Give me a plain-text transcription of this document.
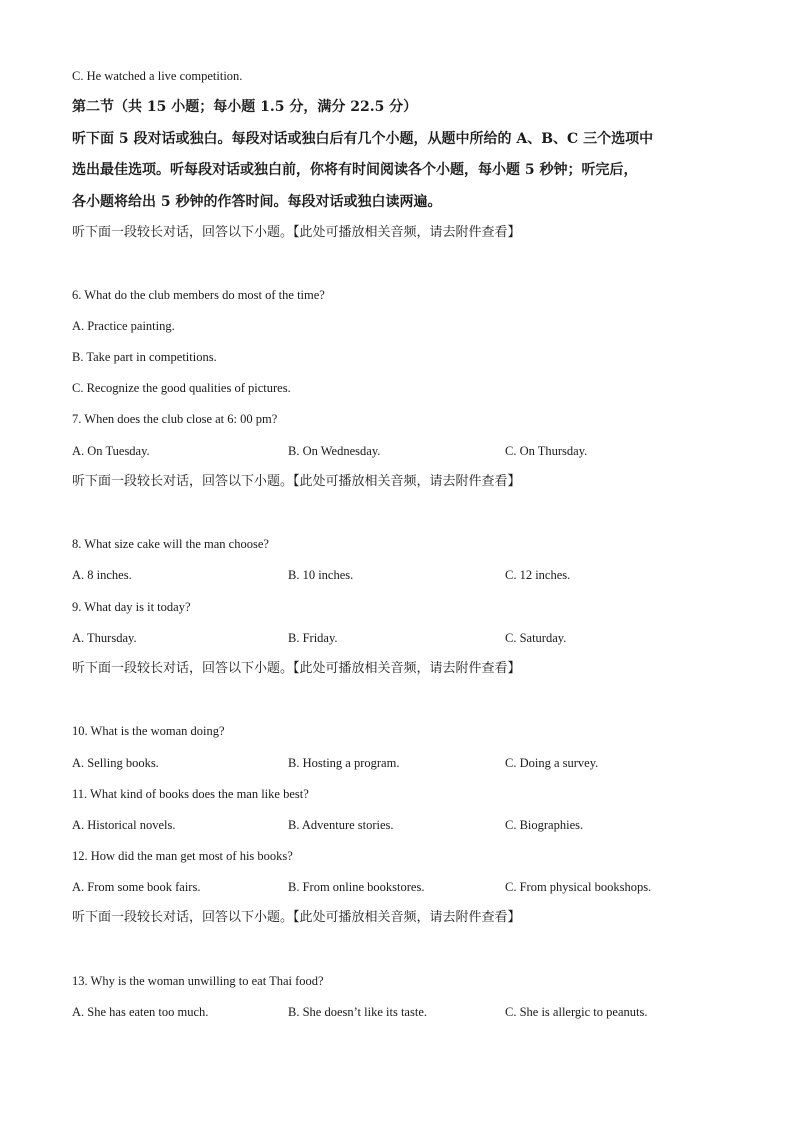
C. He watched a live competition.
第二节（共 15 小题；每小题 1.5 分，满分 22.5 分）
听下面 5 段对话或独白。每段对话或独白后有几个小题，从题中所给的 A、B、C 三个选项中
选出最佳选项。听每段对话或独白前，你将有时间阅读各个小题，每小题 5 秒钟；听完后，
各小题将给出 5 秒钟的作答时间。每段对话或独白读两遍。
听下面一段较长对话，回答以下小题。【此处可播放相关音频，请去附件查看】
6. What do the club members do most of the time?
A. Practice painting.
B. Take part in competitions.
C. Recognize the good qualities of pictures.
7. When does the club close at 6: 00 pm?
A. On Tuesday.	B. On Wednesday.	C. On Thursday.
听下面一段较长对话，回答以下小题。【此处可播放相关音频，请去附件查看】
8. What size cake will the man choose?
A. 8 inches.	B. 10 inches.	C. 12 inches.
9. What day is it today?
A. Thursday.	B. Friday.	C. Saturday.
听下面一段较长对话，回答以下小题。【此处可播放相关音频，请去附件查看】
10. What is the woman doing?
A. Selling books.	B. Hosting a program.	C. Doing a survey.
11. What kind of books does the man like best?
A. Historical novels.	B. Adventure stories.	C. Biographies.
12. How did the man get most of his books?
A. From some book fairs.	B. From online bookstores.	C. From physical bookshops.
听下面一段较长对话，回答以下小题。【此处可播放相关音频，请去附件查看】
13. Why is the woman unwilling to eat Thai food?
A. She has eaten too much.	B. She doesn’t like its taste.	C. She is allergic to peanuts.
